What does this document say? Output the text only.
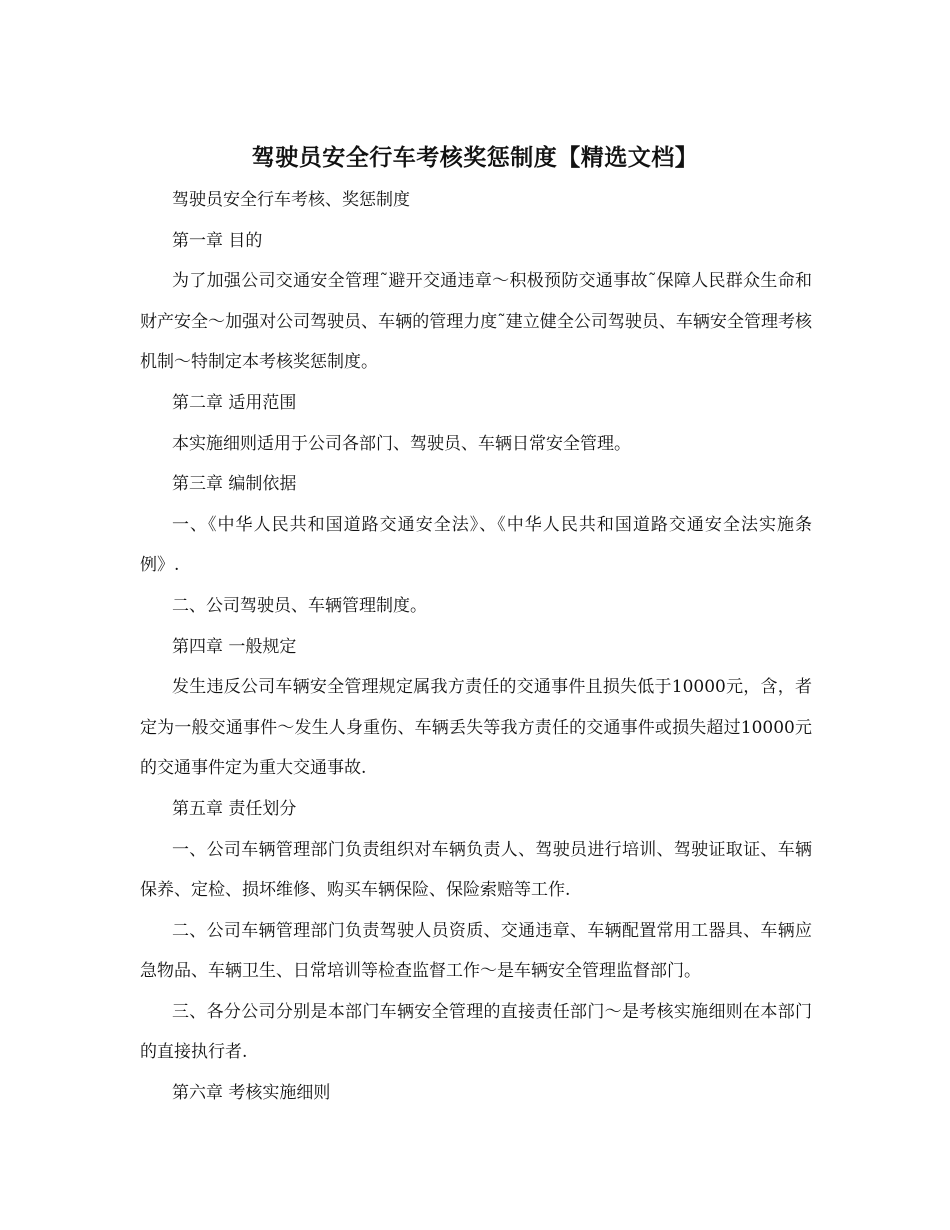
驾驶员安全行车考核奖惩制度【精选文档】

驾驶员安全行车考核、奖惩制度

第一章 目的

为了加强公司交通安全管理˜避开交通违章～积极预防交通事故˜保障人民群众生命和财产安全～加强对公司驾驶员、车辆的管理力度˜建立健全公司驾驶员、车辆安全管理考核机制～特制定本考核奖惩制度。

第二章 适用范围

本实施细则适用于公司各部门、驾驶员、车辆日常安全管理。

第三章 编制依据

一、《中华人民共和国道路交通安全法》、《中华人民共和国道路交通安全法实施条例》.

二、公司驾驶员、车辆管理制度。

第四章 一般规定

发生违反公司车辆安全管理规定属我方责任的交通事件且损失低于10000元，含，者定为一般交通事件～发生人身重伤、车辆丢失等我方责任的交通事件或损失超过10000元的交通事件定为重大交通事故.

第五章 责任划分

一、公司车辆管理部门负责组织对车辆负责人、驾驶员进行培训、驾驶证取证、车辆保养、定检、损坏维修、购买车辆保险、保险索赔等工作.

二、公司车辆管理部门负责驾驶人员资质、交通违章、车辆配置常用工器具、车辆应急物品、车辆卫生、日常培训等检查监督工作～是车辆安全管理监督部门。

三、各分公司分别是本部门车辆安全管理的直接责任部门～是考核实施细则在本部门的直接执行者.

第六章 考核实施细则
